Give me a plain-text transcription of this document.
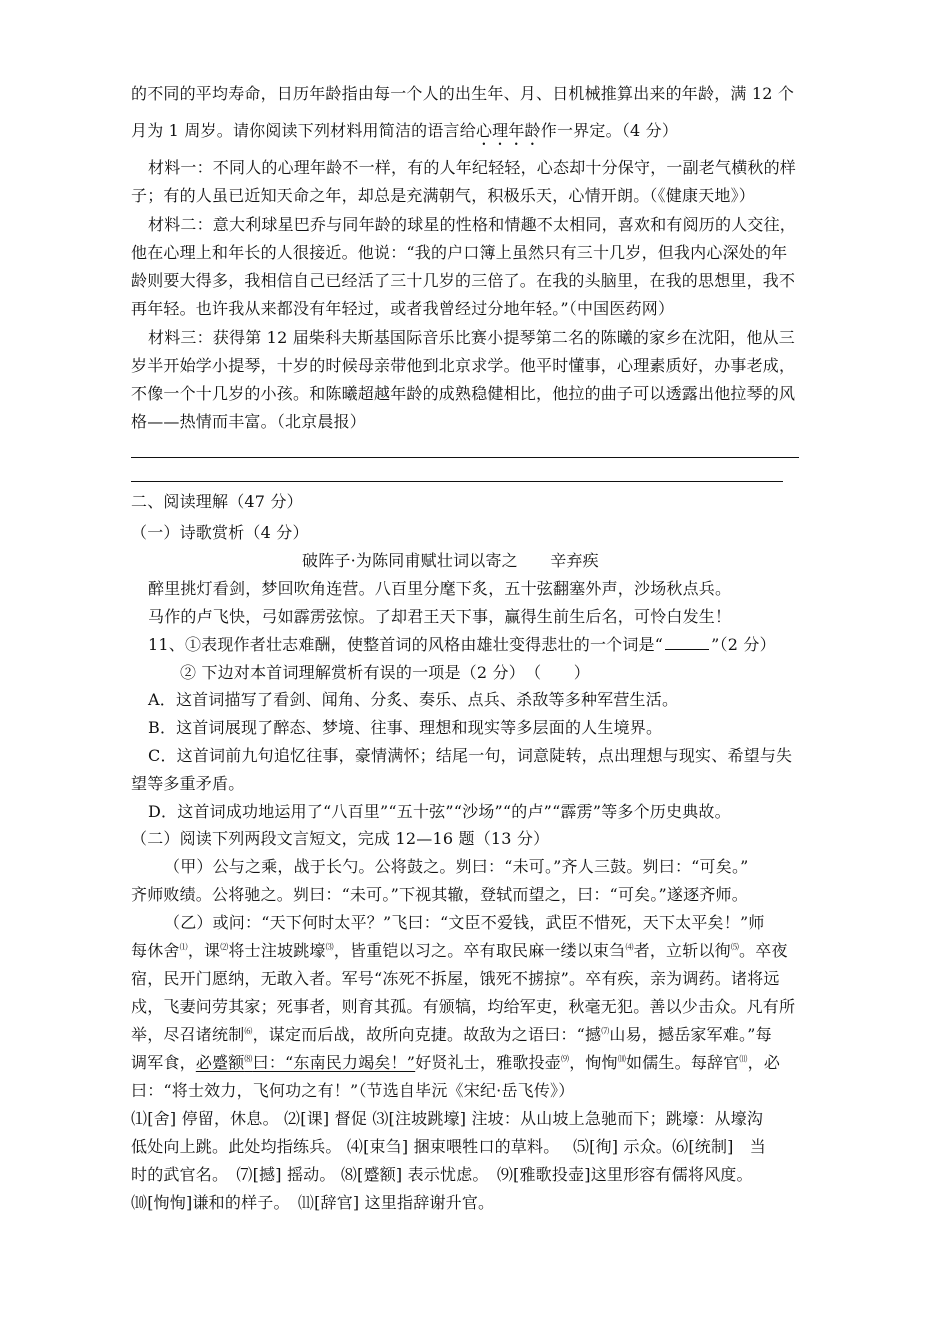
的不同的平均寿命，日历年龄指由每一个人的出生年、月、日机械推算出来的年龄，满 12 个
月为 1 周岁。请你阅读下列材料用简洁的语言给心理年龄作一界定。（4 分）
材料一：不同人的心理年龄不一样，有的人年纪轻轻，心态却十分保守，一副老气横秋的样
子；有的人虽已近知天命之年，却总是充满朝气，积极乐天，心情开朗。（《健康天地》）
材料二：意大利球星巴乔与同年龄的球星的性格和情趣不太相同，喜欢和有阅历的人交往，
他在心理上和年长的人很接近。他说：“我的户口簿上虽然只有三十几岁，但我内心深处的年
龄则要大得多，我相信自己已经活了三十几岁的三倍了。在我的头脑里，在我的思想里，我不
再年轻。也许我从来都没有年轻过，或者我曾经过分地年轻。”（中国医药网）
材料三：获得第 12 届柴科夫斯基国际音乐比赛小提琴第二名的陈曦的家乡在沈阳，他从三
岁半开始学小提琴，十岁的时候母亲带他到北京求学。他平时懂事，心理素质好，办事老成，
不像一个十几岁的小孩。和陈曦超越年龄的成熟稳健相比，他拉的曲子可以透露出他拉琴的风
格——热情而丰富。（北京晨报）
二、阅读理解（47 分）
（一）诗歌赏析（4 分）
破阵子·为陈同甫赋壮词以寄之　　辛弃疾
醉里挑灯看剑，梦回吹角连营。八百里分麾下炙，五十弦翻塞外声，沙场秋点兵。
马作的卢飞快，弓如霹雳弦惊。了却君王天下事，赢得生前生后名，可怜白发生！
11、①表现作者壮志难酬，使整首词的风格由雄壮变得悲壮的一个词是“	”（2 分）
② 下边对本首词理解赏析有误的一项是（2 分）　（　　）
A．这首词描写了看剑、闻角、分炙、奏乐、点兵、杀敌等多种军营生活。
B．这首词展现了醉态、梦境、往事、理想和现实等多层面的人生境界。
C．这首词前九句追忆往事，豪情满怀；结尾一句，词意陡转，点出理想与现实、希望与失
望等多重矛盾。
D．这首词成功地运用了“八百里”“五十弦”“沙场”“的卢”“霹雳”等多个历史典故。
（二）阅读下列两段文言短文，完成 12—16 题（13 分）
（甲）公与之乘，战于长勺。公将鼓之。刿曰：“未可。”齐人三鼓。刿曰：“可矣。”
齐师败绩。公将驰之。刿曰：“未可。”下视其辙，登轼而望之，曰：“可矣。”遂逐齐师。
（乙）或问：“天下何时太平？”飞曰：“文臣不爱钱，武臣不惜死，天下太平矣！”师
每休舍⑴，课⑵将士注坡跳壕⑶，皆重铠以习之。卒有取民麻一缕以束刍⑷者，立斩以徇⑸。卒夜
宿，民开门愿纳，无敢入者。军号“冻死不拆屋，饿死不掳掠”。卒有疾，亲为调药。诸将远
戍，飞妻问劳其家；死事者，则育其孤。有颁犒，均给军吏，秋毫无犯。善以少击众。凡有所
举，尽召诸统制⑹，谋定而后战，故所向克捷。故敌为之语曰：“撼⑺山易，撼岳家军难。”每
调军食，必蹙额⑻曰：“东南民力竭矣！”好贤礼士，雅歌投壶⑼，恂恂⑽如儒生。每辞官⑾，必
曰：“将士效力，飞何功之有！”（节选自毕沅《宋纪·岳飞传》）
⑴[舍] 停留，休息。 ⑵[课] 督促 ⑶[注坡跳壕] 注坡：从山坡上急驰而下；跳壕：从壕沟
低处向上跳。此处均指练兵。 ⑷[束刍] 捆束喂牲口的草料。　 ⑸[徇] 示众。⑹[统制]　当
时的武官名。　⑺[撼] 摇动。 ⑻[蹙额] 表示忧虑。　⑼[雅歌投壶]这里形容有儒将风度。
⑽[恂恂]谦和的样子。　⑾[辞官] 这里指辞谢升官。
